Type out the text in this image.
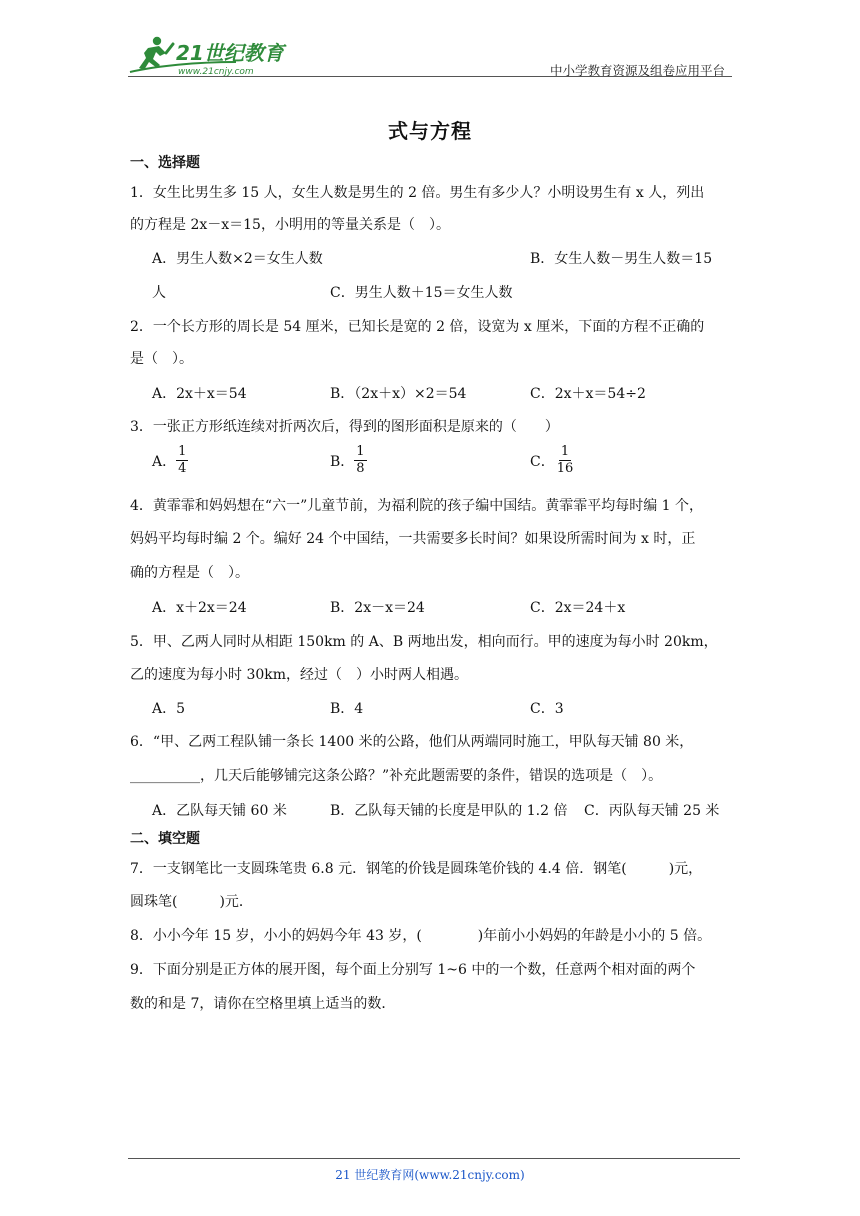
21世纪教育
www.21cnjy.com	中小学教育资源及组卷应用平台
式与方程
一、选择题
1．女生比男生多 15 人，女生人数是男生的 2 倍。男生有多少人？小明设男生有 x 人，列出
的方程是 2x－x＝15，小明用的等量关系是（　）。
A．男生人数×2＝女生人数	B．女生人数－男生人数＝15
人	C．男生人数＋15＝女生人数
2．一个长方形的周长是 54 厘米，已知长是宽的 2 倍，设宽为 x 厘米，下面的方程不正确的
是（　）。
A．2x＋x＝54	B．（2x＋x）×2＝54	C．2x＋x＝54÷2
3．一张正方形纸连续对折两次后，得到的图形面积是原来的（　　）
A． $\frac{1}{4}$	B． $\frac{1}{8}$	C． $\frac{1}{16}$
4．黄霏霏和妈妈想在“六一”儿童节前，为福利院的孩子编中国结。黄霏霏平均每时编 1 个，
妈妈平均每时编 2 个。编好 24 个中国结，一共需要多长时间？如果设所需时间为 x 时，正
确的方程是（　）。
A．x＋2x＝24	B．2x－x＝24	C．2x＝24＋x
5．甲、乙两人同时从相距 150km 的 A、B 两地出发，相向而行。甲的速度为每小时 20km，
乙的速度为每小时 30km，经过（　）小时两人相遇。
A．5	B．4	C．3
6．“甲、乙两工程队铺一条长 1400 米的公路，他们从两端同时施工，甲队每天铺 80 米，
__________，几天后能够铺完这条公路？”补充此题需要的条件，错误的选项是（　）。
A．乙队每天铺 60 米	B．乙队每天铺的长度是甲队的 1.2 倍 C．丙队每天铺 25 米
二、填空题
7．一支钢笔比一支圆珠笔贵 6.8 元．钢笔的价钱是圆珠笔价钱的 4.4 倍．钢笔(　　　)元，
圆珠笔(　　　)元．
8．小小今年 15 岁，小小的妈妈今年 43 岁，(　　　　)年前小小妈妈的年龄是小小的 5 倍。
9．下面分别是正方体的展开图，每个面上分别写 1~6 中的一个数，任意两个相对面的两个
数的和是 7，请你在空格里填上适当的数．
21 世纪教育网(www.21cnjy.com)
